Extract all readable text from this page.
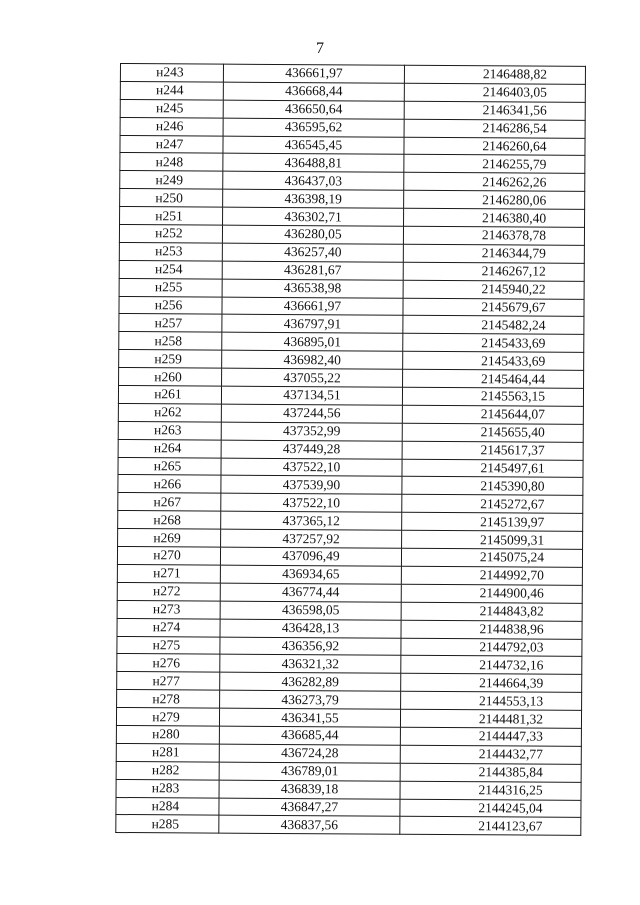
7
н243	436661,97	2146488,82
н244	436668,44	2146403,05
н245	436650,64	2146341,56
н246	436595,62	2146286,54
н247	436545,45	2146260,64
н248	436488,81	2146255,79
н249	436437,03	2146262,26
н250	436398,19	2146280,06
н251	436302,71	2146380,40
н252	436280,05	2146378,78
н253	436257,40	2146344,79
н254	436281,67	2146267,12
н255	436538,98	2145940,22
н256	436661,97	2145679,67
н257	436797,91	2145482,24
н258	436895,01	2145433,69
н259	436982,40	2145433,69
н260	437055,22	2145464,44
н261	437134,51	2145563,15
н262	437244,56	2145644,07
н263	437352,99	2145655,40
н264	437449,28	2145617,37
н265	437522,10	2145497,61
н266	437539,90	2145390,80
н267	437522,10	2145272,67
н268	437365,12	2145139,97
н269	437257,92	2145099,31
н270	437096,49	2145075,24
н271	436934,65	2144992,70
н272	436774,44	2144900,46
н273	436598,05	2144843,82
н274	436428,13	2144838,96
н275	436356,92	2144792,03
н276	436321,32	2144732,16
н277	436282,89	2144664,39
н278	436273,79	2144553,13
н279	436341,55	2144481,32
н280	436685,44	2144447,33
н281	436724,28	2144432,77
н282	436789,01	2144385,84
н283	436839,18	2144316,25
н284	436847,27	2144245,04
н285	436837,56	2144123,67
